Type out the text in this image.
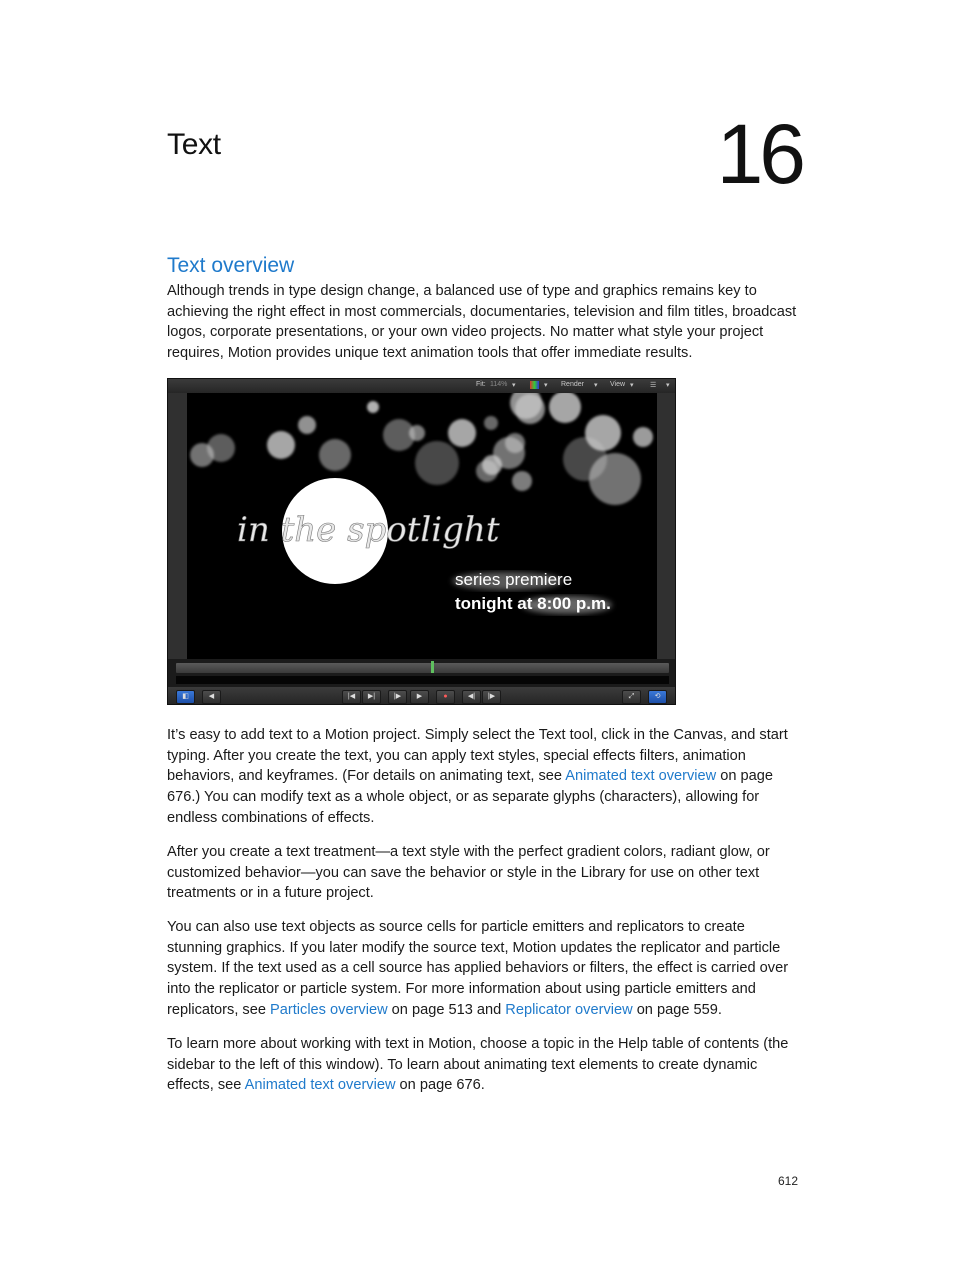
Text	16
Text overview

Although trends in type design change, a balanced use of type and graphics remains key to achieving the right effect in most commercials, documentaries, television and film titles, broadcast logos, corporate presentations, or your own video projects. No matter what style your project requires, Motion provides unique text animation tools that offer immediate results.

Fit: 114% ▾	▾ Render ▾ View ▾ ☰ ▾
in the spotlight
series premiere
tonight at 8:00 p.m.
◧	◀	|◀	▶|	|▶	▶	●	◀|	|▶	⤢	⟲

It’s easy to add text to a Motion project. Simply select the Text tool, click in the Canvas, and start typing. After you create the text, you can apply text styles, special effects filters, animation behaviors, and keyframes. (For details on animating text, see Animated text overview on page 676.) You can modify text as a whole object, or as separate glyphs (characters), allowing for endless combinations of effects.

After you create a text treatment—a text style with the perfect gradient colors, radiant glow, or customized behavior—you can save the behavior or style in the Library for use on other text treatments or in a future project.

You can also use text objects as source cells for particle emitters and replicators to create stunning graphics. If you later modify the source text, Motion updates the replicator and particle system. If the text used as a cell source has applied behaviors or filters, the effect is carried over into the replicator or particle system. For more information about using particle emitters and replicators, see Particles overview on page 513 and Replicator overview on page 559.

To learn more about working with text in Motion, choose a topic in the Help table of contents (the sidebar to the left of this window). To learn about animating text elements to create dynamic effects, see Animated text overview on page 676.

612
